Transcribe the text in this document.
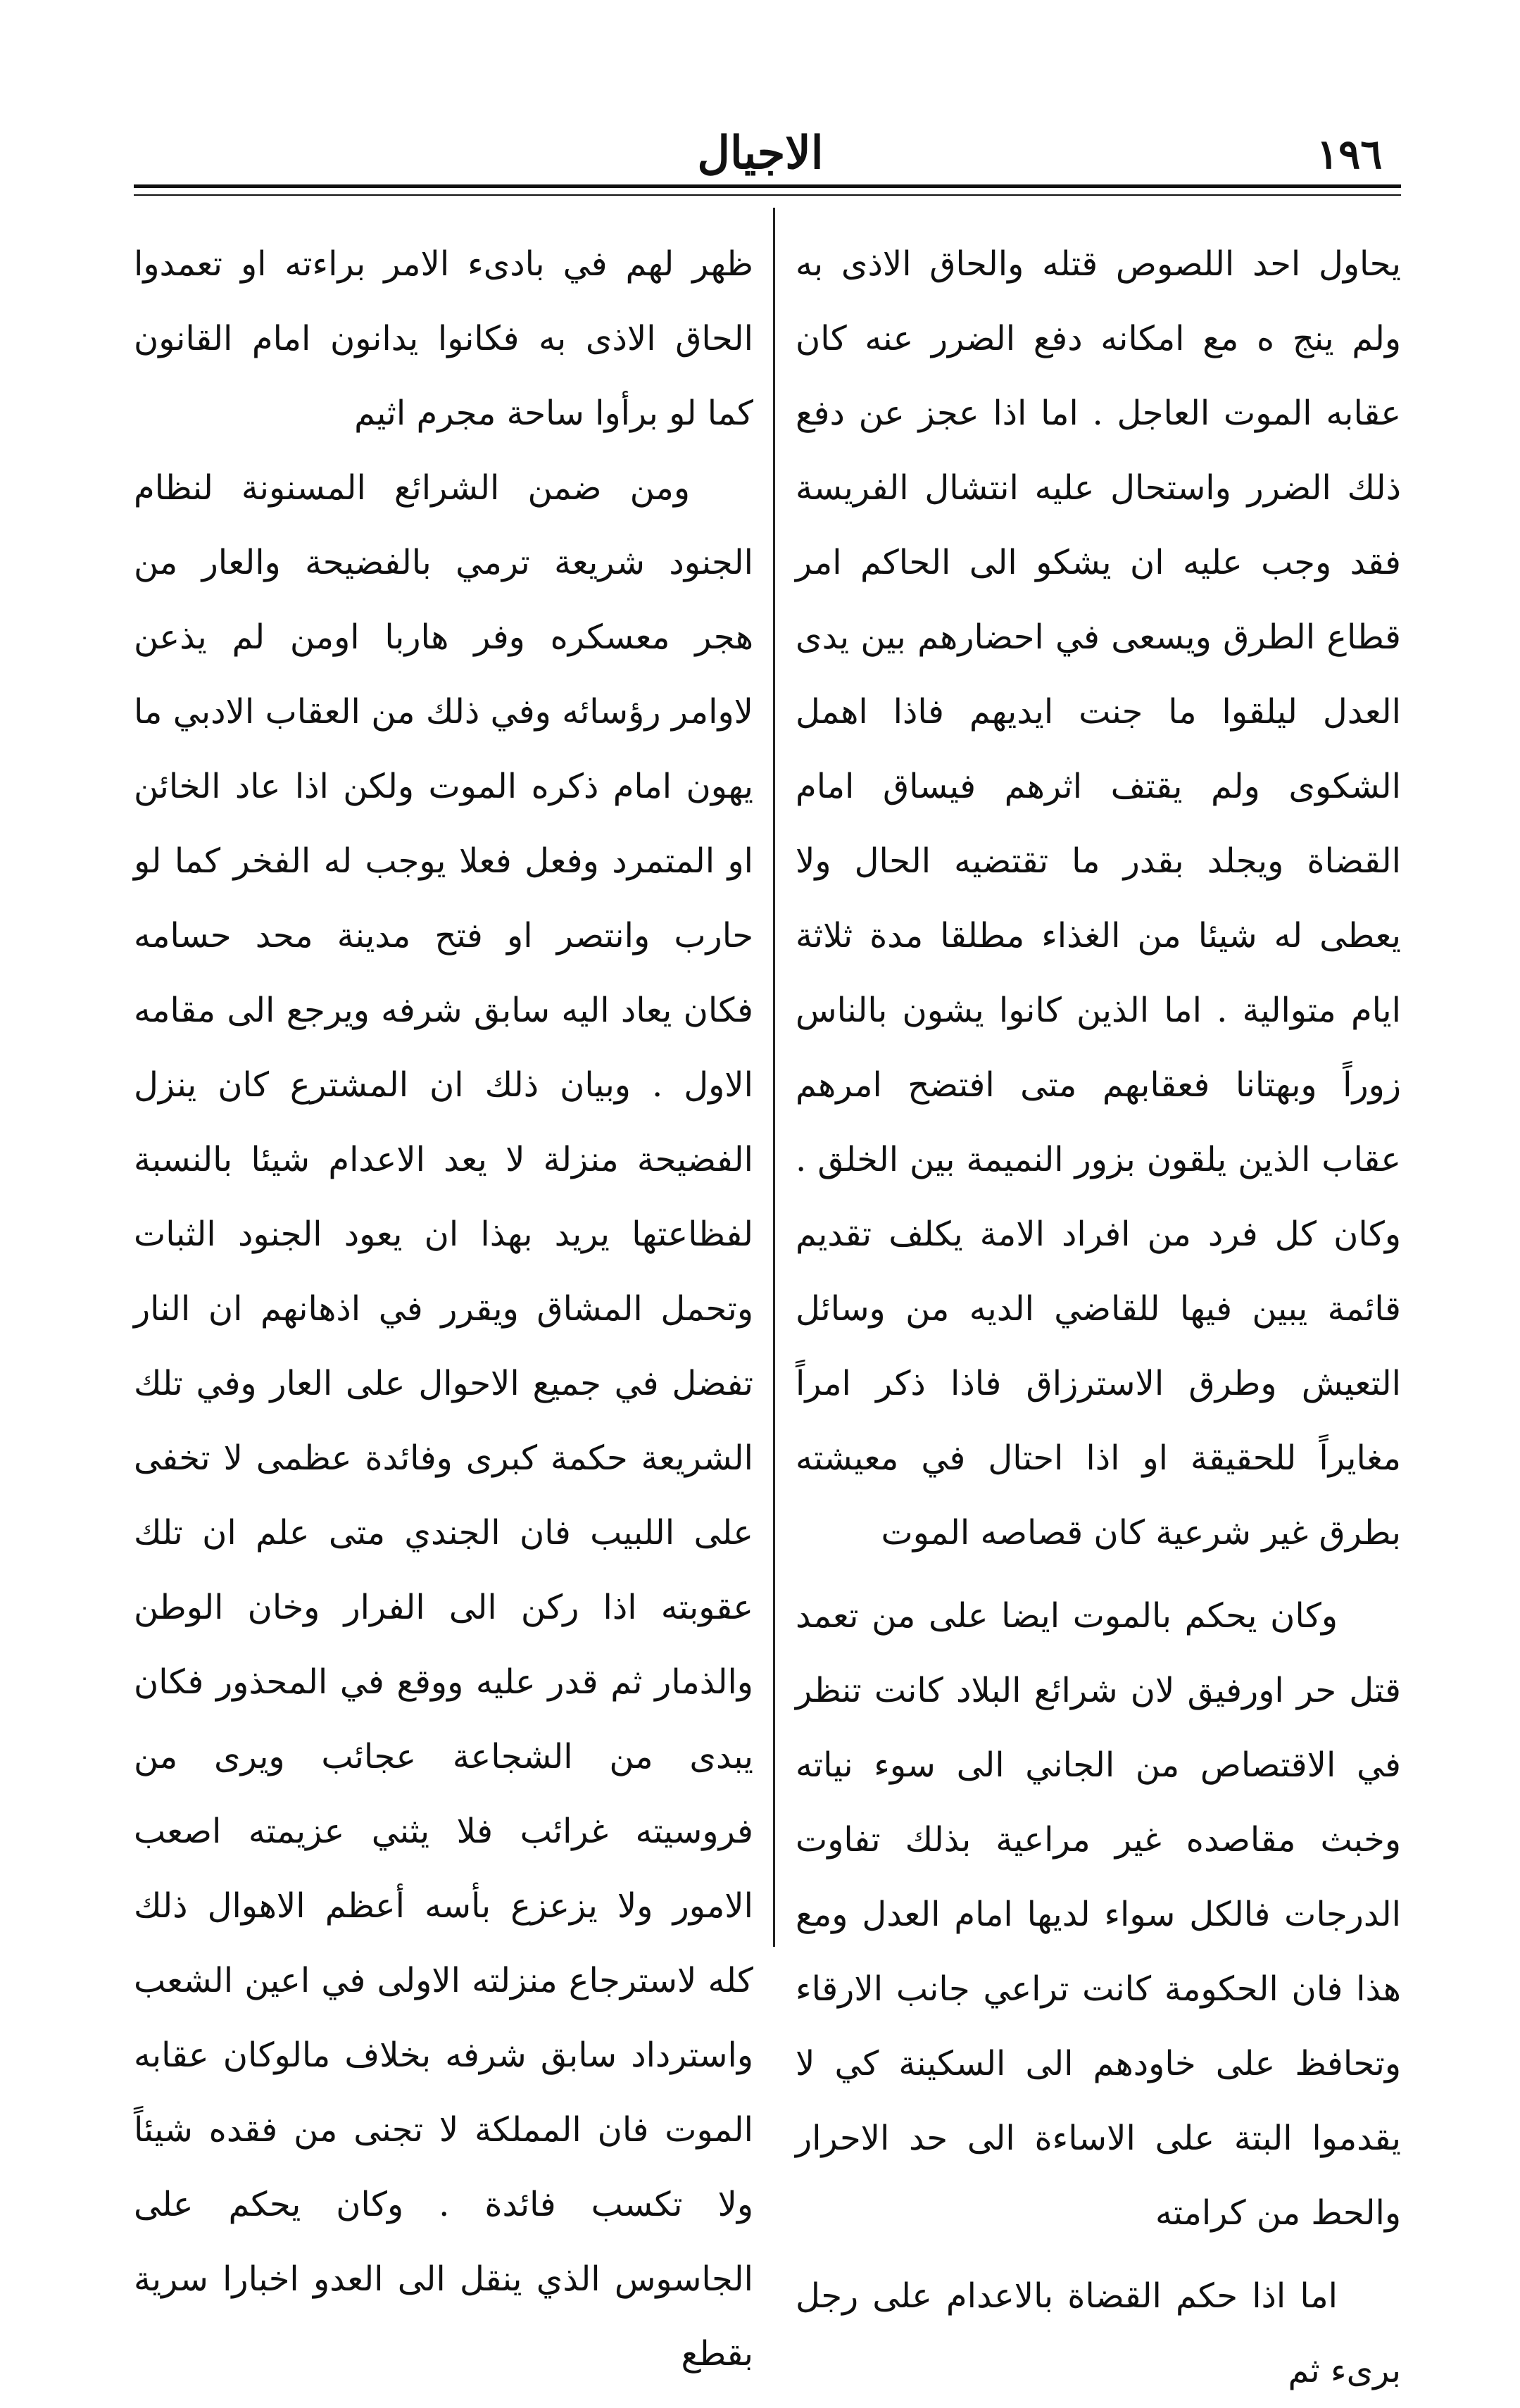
١٩٦
الاجيال

يحاول احد اللصوص قتله والحاق الاذى به ولم ينج ه مع امكانه دفع الضرر عنه كان عقابه الموت العاجل . اما اذا عجز عن دفع ذلك الضرر واستحال عليه انتشال الفريسة فقد وجب عليه ان يشكو الى الحاكم امر قطاع الطرق ويسعى في احضارهم بين يدى العدل ليلقوا ما جنت ايديهم فاذا اهمل الشكوى ولم يقتف اثرهم فيساق امام القضاة ويجلد بقدر ما تقتضيه الحال ولا يعطى له شيئا من الغذاء مطلقا مدة ثلاثة ايام متوالية . اما الذين كانوا يشون بالناس زوراً وبهتانا فعقابهم متى افتضح امرهم عقاب الذين يلقون بزور النميمة بين الخلق . وكان كل فرد من افراد الامة يكلف تقديم قائمة يبين فيها للقاضي الديه من وسائل التعيش وطرق الاسترزاق فاذا ذكر امراً مغايراً للحقيقة او اذا احتال في معيشته بطرق غير شرعية كان قصاصه الموت

وكان يحكم بالموت ايضا على من تعمد قتل حر اورفيق لان شرائع البلاد كانت تنظر في الاقتصاص من الجاني الى سوء نياته وخبث مقاصده غير مراعية بذلك تفاوت الدرجات فالكل سواء لديها امام العدل ومع هذا فان الحكومة كانت تراعي جانب الارقاء وتحافظ على خاودهم الى السكينة كي لا يقدموا البتة على الاساءة الى حد الاحرار والحط من كرامته

اما اذا حكم القضاة بالاعدام على رجل برىء ثم

ظهر لهم في بادىء الامر براءته او تعمدوا الحاق الاذى به فكانوا يدانون امام القانون كما لو برأوا ساحة مجرم اثيم

ومن ضمن الشرائع المسنونة لنظام الجنود شريعة ترمي بالفضيحة والعار من هجر معسكره وفر هاربا اومن لم يذعن لاوامر رؤسائه وفي ذلك من العقاب الادبي ما يهون امام ذكره الموت ولكن اذا عاد الخائن او المتمرد وفعل فعلا يوجب له الفخر كما لو حارب وانتصر او فتح مدينة محد حسامه فكان يعاد اليه سابق شرفه ويرجع الى مقامه الاول . وبيان ذلك ان المشترع كان ينزل الفضيحة منزلة لا يعد الاعدام شيئا بالنسبة لفظاعتها يريد بهذا ان يعود الجنود الثبات وتحمل المشاق ويقرر في اذهانهم ان النار تفضل في جميع الاحوال على العار وفي تلك الشريعة حكمة كبرى وفائدة عظمى لا تخفى على اللبيب فان الجندي متى علم ان تلك عقوبته اذا ركن الى الفرار وخان الوطن والذمار ثم قدر عليه ووقع في المحذور فكان يبدى من الشجاعة عجائب ويرى من فروسيته غرائب فلا يثني عزيمته اصعب الامور ولا يزعزع بأسه أعظم الاهوال ذلك كله لاسترجاع منزلته الاولى في اعين الشعب واسترداد سابق شرفه بخلاف مالوكان عقابه الموت فان المملكة لا تجنى من فقده شيئاً ولا تكسب فائدة . وكان يحكم على الجاسوس الذي ينقل الى العدو اخبارا سرية بقطع
